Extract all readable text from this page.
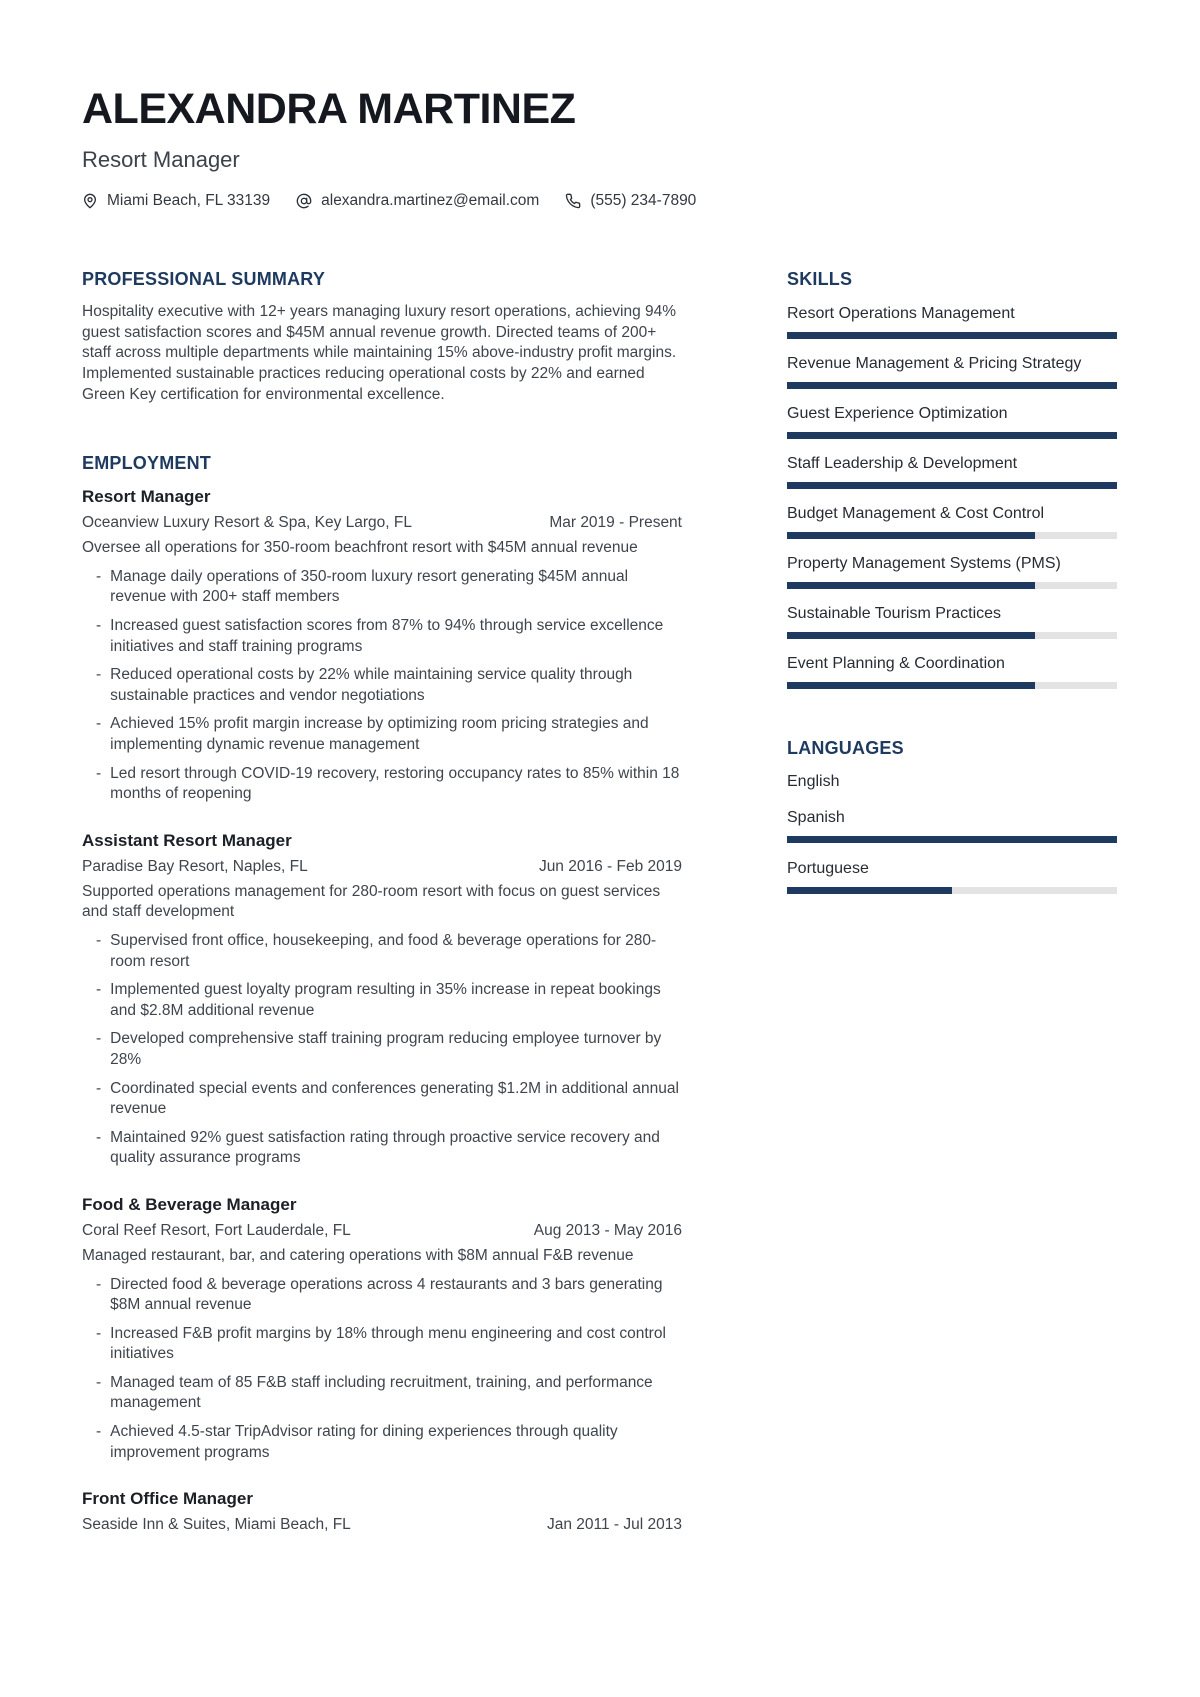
ALEXANDRA MARTINEZ
Resort Manager
Miami Beach, FL 33139	alexandra.martinez@email.com	(555) 234-7890
PROFESSIONAL SUMMARY
Hospitality executive with 12+ years managing luxury resort operations, achieving 94% guest satisfaction scores and $45M annual revenue growth. Directed teams of 200+ staff across multiple departments while maintaining 15% above-industry profit margins. Implemented sustainable practices reducing operational costs by 22% and earned Green Key certification for environmental excellence.
EMPLOYMENT
Resort Manager
Oceanview Luxury Resort & Spa, Key Largo, FL	Mar 2019 - Present
Oversee all operations for 350-room beachfront resort with $45M annual revenue
- Manage daily operations of 350-room luxury resort generating $45M annual revenue with 200+ staff members
- Increased guest satisfaction scores from 87% to 94% through service excellence initiatives and staff training programs
- Reduced operational costs by 22% while maintaining service quality through sustainable practices and vendor negotiations
- Achieved 15% profit margin increase by optimizing room pricing strategies and implementing dynamic revenue management
- Led resort through COVID-19 recovery, restoring occupancy rates to 85% within 18 months of reopening
Assistant Resort Manager
Paradise Bay Resort, Naples, FL	Jun 2016 - Feb 2019
Supported operations management for 280-room resort with focus on guest services and staff development
- Supervised front office, housekeeping, and food & beverage operations for 280-room resort
- Implemented guest loyalty program resulting in 35% increase in repeat bookings and $2.8M additional revenue
- Developed comprehensive staff training program reducing employee turnover by 28%
- Coordinated special events and conferences generating $1.2M in additional annual revenue
- Maintained 92% guest satisfaction rating through proactive service recovery and quality assurance programs
Food & Beverage Manager
Coral Reef Resort, Fort Lauderdale, FL	Aug 2013 - May 2016
Managed restaurant, bar, and catering operations with $8M annual F&B revenue
- Directed food & beverage operations across 4 restaurants and 3 bars generating $8M annual revenue
- Increased F&B profit margins by 18% through menu engineering and cost control initiatives
- Managed team of 85 F&B staff including recruitment, training, and performance management
- Achieved 4.5-star TripAdvisor rating for dining experiences through quality improvement programs
Front Office Manager
Seaside Inn & Suites, Miami Beach, FL	Jan 2011 - Jul 2013
SKILLS
Resort Operations Management
Revenue Management & Pricing Strategy
Guest Experience Optimization
Staff Leadership & Development
Budget Management & Cost Control
Property Management Systems (PMS)
Sustainable Tourism Practices
Event Planning & Coordination
LANGUAGES
English
Spanish
Portuguese
